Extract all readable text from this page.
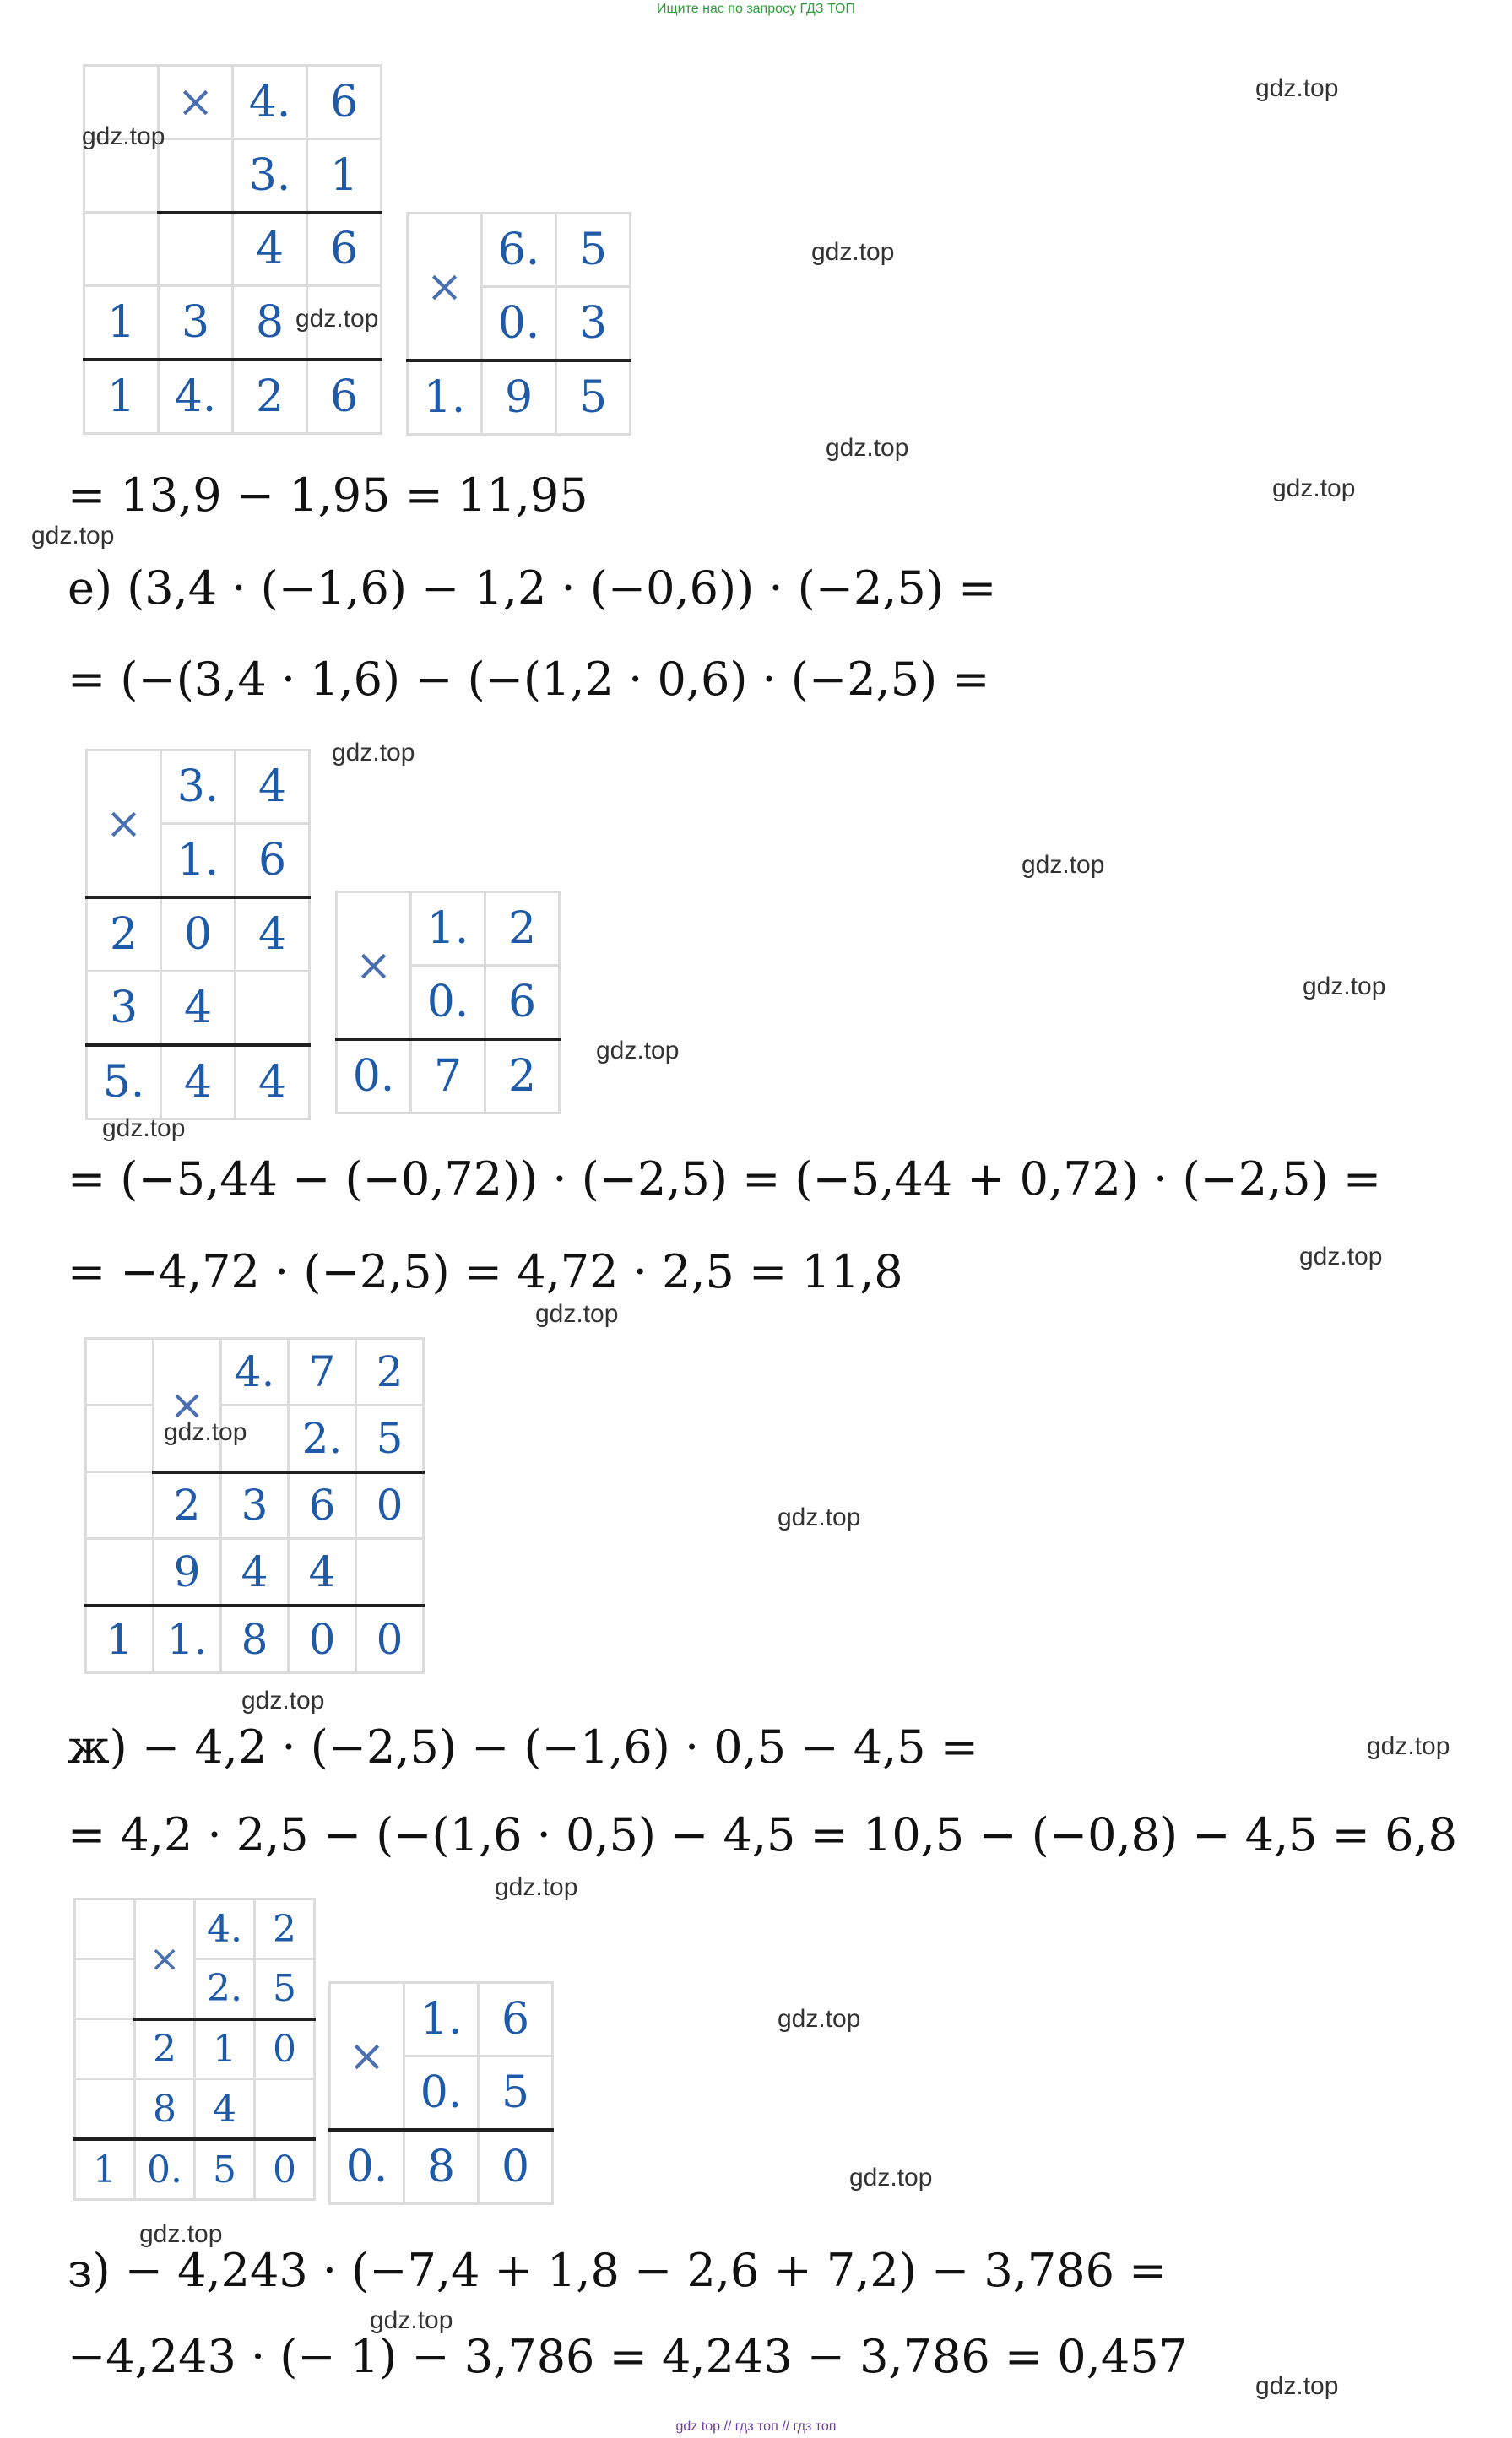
Ищите нас по запросу ГДЗ ТОП
	×	4.	6
		3.	1
		4	6
1	3	8	
1	4.	2	6
×	6.	5
	0.	3
1.	9	5
= 13,9 − 1,95 = 11,95
е) (3,4 · (−1,6) − 1,2 · (−0,6)) · (−2,5) =
= (−(3,4 · 1,6) − (−(1,2 · 0,6) · (−2,5) =
×	3.	4
	1.	6
2	0	4
3	4	
5.	4	4
×	1.	2
	0.	6
0.	7	2
= (−5,44 − (−0,72)) · (−2,5) = (−5,44 + 0,72) · (−2,5) =
= −4,72 · (−2,5) = 4,72 · 2,5 = 11,8
	×	4.	7	2
			2.	5
	2	3	6	0
	9	4	4	
1	1.	8	0	0
ж) − 4,2 · (−2,5) − (−1,6) · 0,5 − 4,5 =
= 4,2 · 2,5 − (−(1,6 · 0,5) − 4,5 = 10,5 − (−0,8) − 4,5 = 6,8
	×	4.	2
		2.	5
	2	1	0
	8	4	
1	0.	5	0
×	1.	6
	0.	5
0.	8	0
з) − 4,243 · (−7,4 + 1,8 − 2,6 + 7,2) − 3,786 =
−4,243 · (− 1) − 3,786 = 4,243 − 3,786 = 0,457
gdz.top
gdz.top
gdz.top
gdz.top
gdz.top
gdz.top
gdz.top
gdz.top
gdz.top
gdz.top
gdz.top
gdz.top
gdz.top
gdz.top
gdz.top
gdz.top
gdz.top
gdz.top
gdz.top
gdz.top
gdz.top
gdz.top
gdz.top
gdz.top
gdz top // гдз топ // гдз топ
